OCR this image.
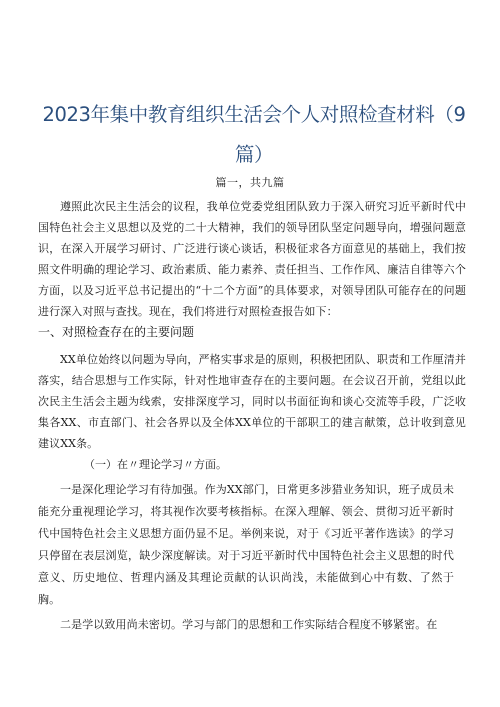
2023年集中教育组织生活会个人对照检查材料（9篇）
篇一，共九篇
遵照此次民主生活会的议程，我单位党委党组团队致力于深入研究习近平新时代中国特色社会主义思想以及党的二十大精神，我们的领导团队坚定问题导向，增强问题意识，在深入开展学习研讨、广泛进行谈心谈话，积极征求各方面意见的基础上，我们按照文件明确的理论学习、政治素质、能力素养、责任担当、工作作风、廉洁自律等六个方面，以及习近平总书记提出的“十二个方面”的具体要求，对领导团队可能存在的问题进行深入对照与查找。现在，我们将进行对照检查报告如下：
一、对照检查存在的主要问题
XX单位始终以问题为导向，严格实事求是的原则，积极把团队、职责和工作厘清并落实，结合思想与工作实际，针对性地审查存在的主要问题。在会议召开前，党组以此次民主生活会主题为线索，安排深度学习，同时以书面征询和谈心交流等手段，广泛收集各XX、市直部门、社会各界以及全体XX单位的干部职工的建言献策，总计收到意见建议XX条。
（一）在〃理论学习〃方面。
一是深化理论学习有待加强。作为XX部门，日常更多涉猎业务知识，班子成员未能充分重视理论学习，将其视作次要考核指标。在深入理解、领会、贯彻习近平新时代中国特色社会主义思想方面仍显不足。举例来说，对于《习近平著作选读》的学习只停留在表层浏览，缺少深度解读。对于习近平新时代中国特色社会主义思想的时代意义、历史地位、哲理内涵及其理论贡献的认识尚浅，未能做到心中有数、了然于胸。
二是学以致用尚未密切。学习与部门的思想和工作实际结合程度不够紧密。在
